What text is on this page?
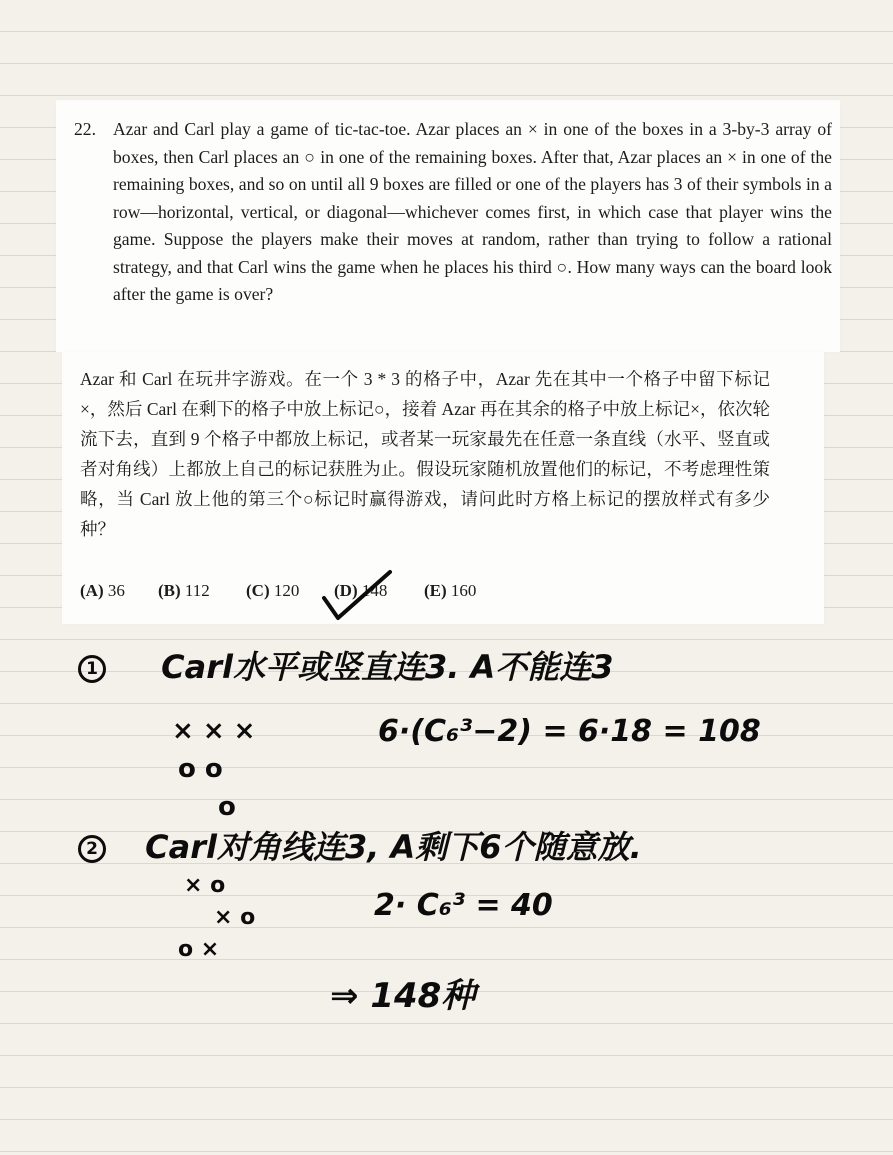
22. Azar and Carl play a game of tic-tac-toe. Azar places an × in one of the boxes in a 3-by-3 array of boxes, then Carl places an ○ in one of the remaining boxes. After that, Azar places an × in one of the remaining boxes, and so on until all 9 boxes are filled or one of the players has 3 of their symbols in a row—horizontal, vertical, or diagonal—whichever comes first, in which case that player wins the game. Suppose the players make their moves at random, rather than trying to follow a rational strategy, and that Carl wins the game when he places his third ○. How many ways can the board look after the game is over?
Azar 和 Carl 在玩井字游戏。在一个 3 * 3 的格子中，Azar 先在其中一个格子中留下标记×，然后 Carl 在剩下的格子中放上标记○，接着 Azar 再在其余的格子中放上标记×，依次轮流下去，直到 9 个格子中都放上标记，或者某一玩家最先在任意一条直线（水平、竖直或者对角线）上都放上自己的标记获胜为止。假设玩家随机放置他们的标记，不考虑理性策略，当 Carl 放上他的第三个○标记时赢得游戏，请问此时方格上标记的摆放样式有多少种？
(A) 36 (B) 112 (C) 120 (D) 148 (E) 160
1 Carl水平或竖直连3. A不能连3
× × ×
o o
o
6·(C₆³−2) = 6·18 = 108
2 Carl对角线连3, A剩下6个随意放.
× o
× o
o ×
2· C₆³ = 40
⇒ 148种
